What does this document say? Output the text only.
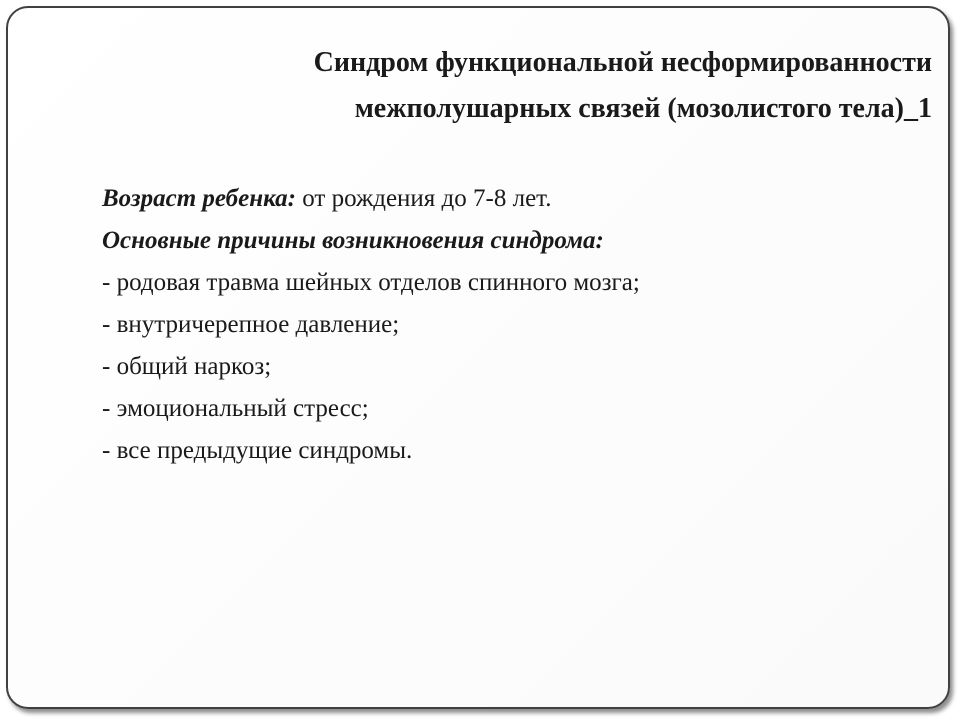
Синдром функциональной несформированности
межполушарных связей (мозолистого тела)_1
Возраст ребенка: от рождения до 7-8 лет.
Основные причины возникновения синдрома:
- родовая травма шейных отделов спинного мозга;
- внутричерепное давление;
- общий наркоз;
- эмоциональный стресс;
- все предыдущие синдромы.
